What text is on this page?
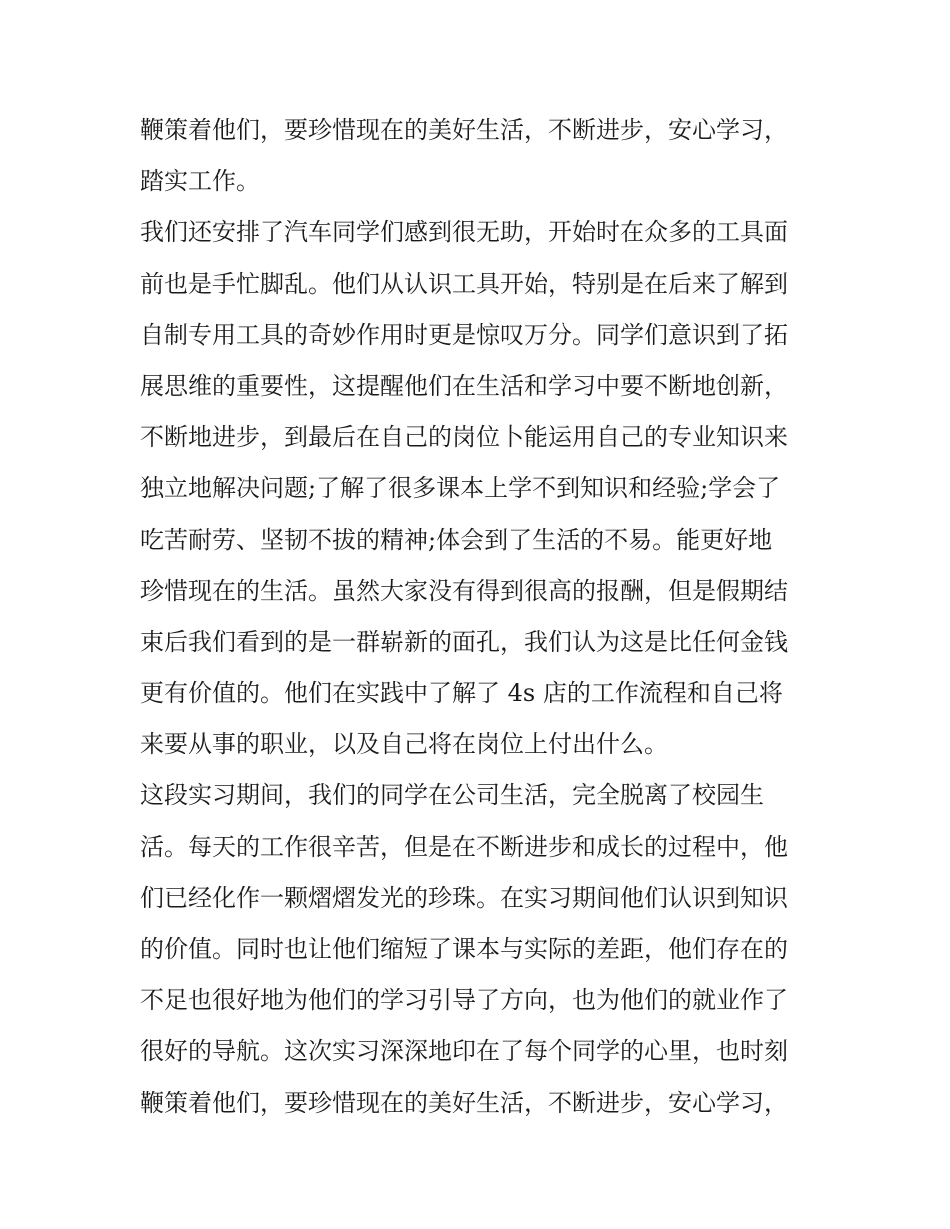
鞭策着他们，要珍惜现在的美好生活，不断进步，安心学习，
踏实工作。
我们还安排了汽车同学们感到很无助，开始时在众多的工具面
前也是手忙脚乱。他们从认识工具开始，特别是在后来了解到
自制专用工具的奇妙作用时更是惊叹万分。同学们意识到了拓
展思维的重要性，这提醒他们在生活和学习中要不断地创新，
不断地进步，到最后在自己的岗位卜能运用自己的专业知识来
独立地解决问题;了解了很多课本上学不到知识和经验;学会了
吃苦耐劳、坚韧不拔的精神;体会到了生活的不易。能更好地
珍惜现在的生活。虽然大家没有得到很高的报酬，但是假期结
束后我们看到的是一群崭新的面孔，我们认为这是比任何金钱
更有价值的。他们在实践中了解了 4s 店的工作流程和自己将
来要从事的职业，以及自己将在岗位上付出什么。
这段实习期间，我们的同学在公司生活，完全脱离了校园生
活。每天的工作很辛苦，但是在不断进步和成长的过程中，他
们已经化作一颗熠熠发光的珍珠。在实习期间他们认识到知识
的价值。同时也让他们缩短了课本与实际的差距，他们存在的
不足也很好地为他们的学习引导了方向，也为他们的就业作了
很好的导航。这次实习深深地印在了每个同学的心里，也时刻
鞭策着他们，要珍惜现在的美好生活，不断进步，安心学习，
